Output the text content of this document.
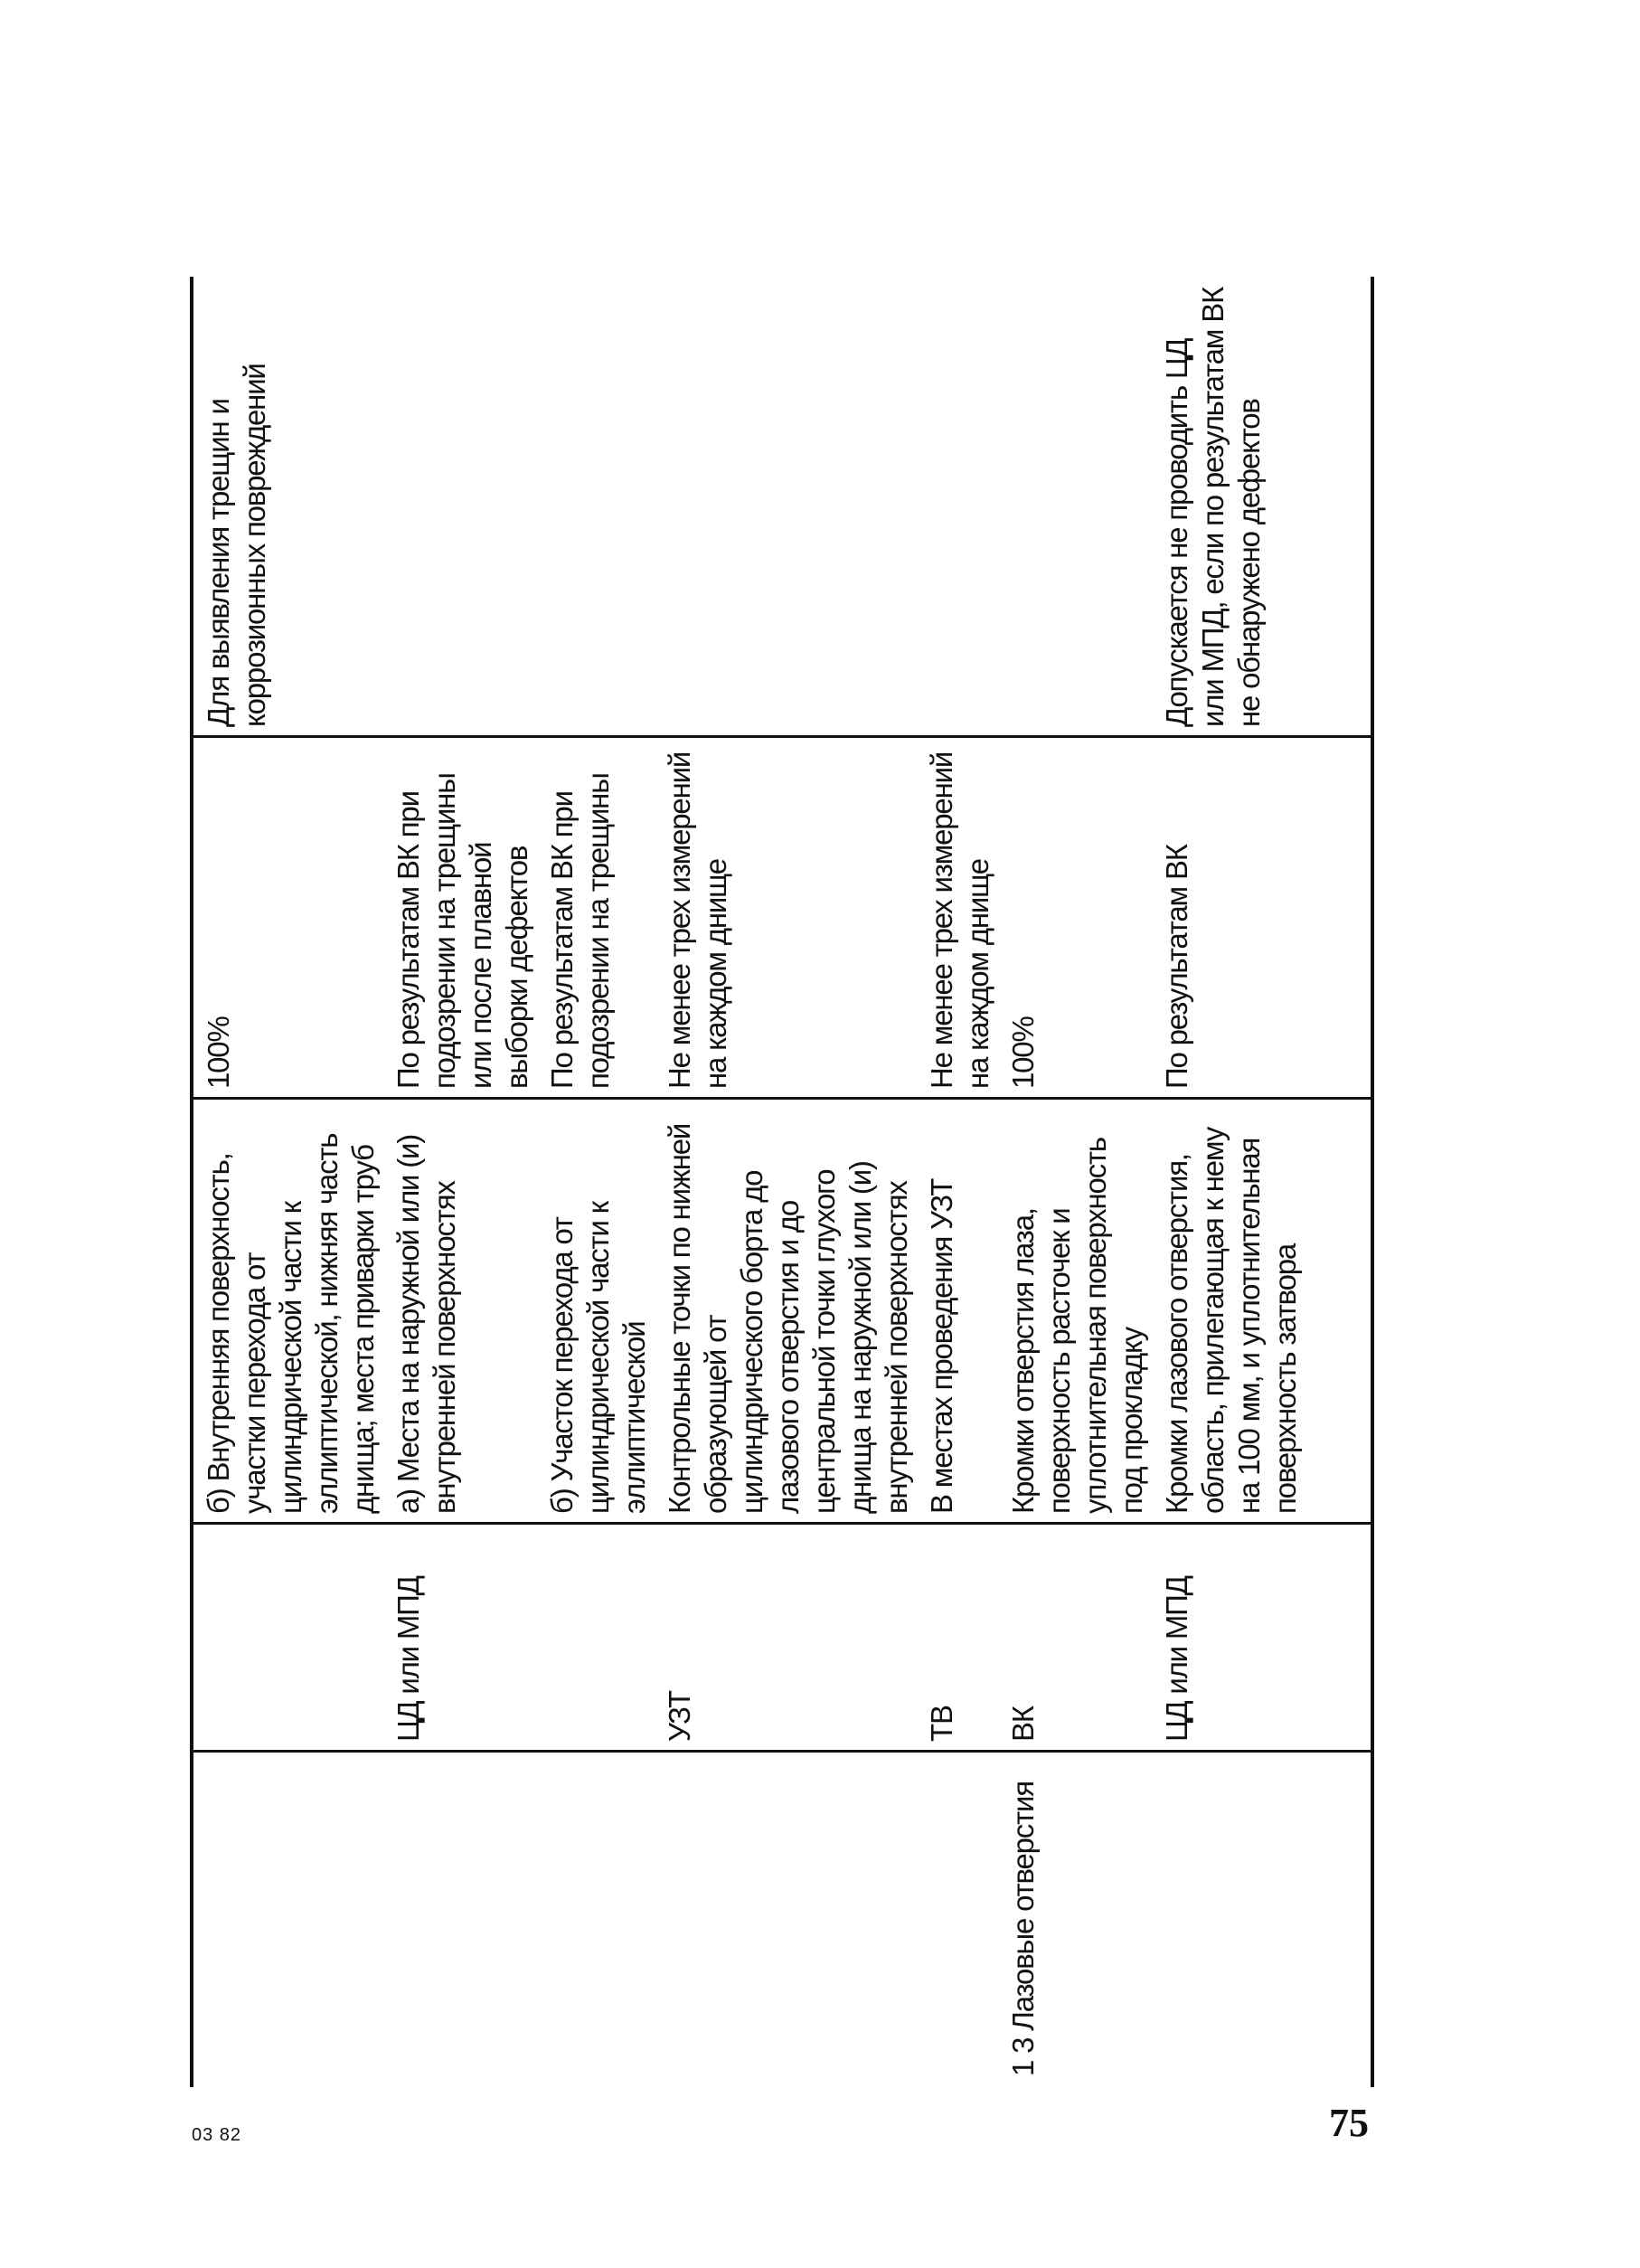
		б) Внутренняя поверхность, участки перехода от цилиндрической части к эллиптической, нижняя часть днища; места приварки труб	100%	Для выявления трещин и коррозионных повреждений
	ЦД или МПД	а) Места на наружной или (и) внутренней поверхностях	По результатам ВК при подозрении на трещины или после плавной выборки дефектов	
		б) Участок перехода от цилиндрической части к эллиптической	По результатам ВК при подозрении на трещины	
	УЗТ	Контрольные точки по нижней образующей от цилиндрического борта до лазового отверстия и до центральной точки глухого днища на наружной или (и) внутренней поверхностях	Не менее трех измерений на каждом днище	
	ТВ	В местах проведения УЗТ	Не менее трех измерений на каждом днище	
1 3 Лазовые отверстия	ВК	Кромки отверстия лаза, поверхность расточек и уплотнительная поверхность под прокладку	100%	
	ЦД или МПД	Кромки лазового отверстия, область, прилегающая к нему на 100 мм, и уплотнительная поверхность затвора	По результатам ВК	Допускается не проводить ЦД или МПД, если по результатам ВК не обнаружено дефектов
03 82	75
